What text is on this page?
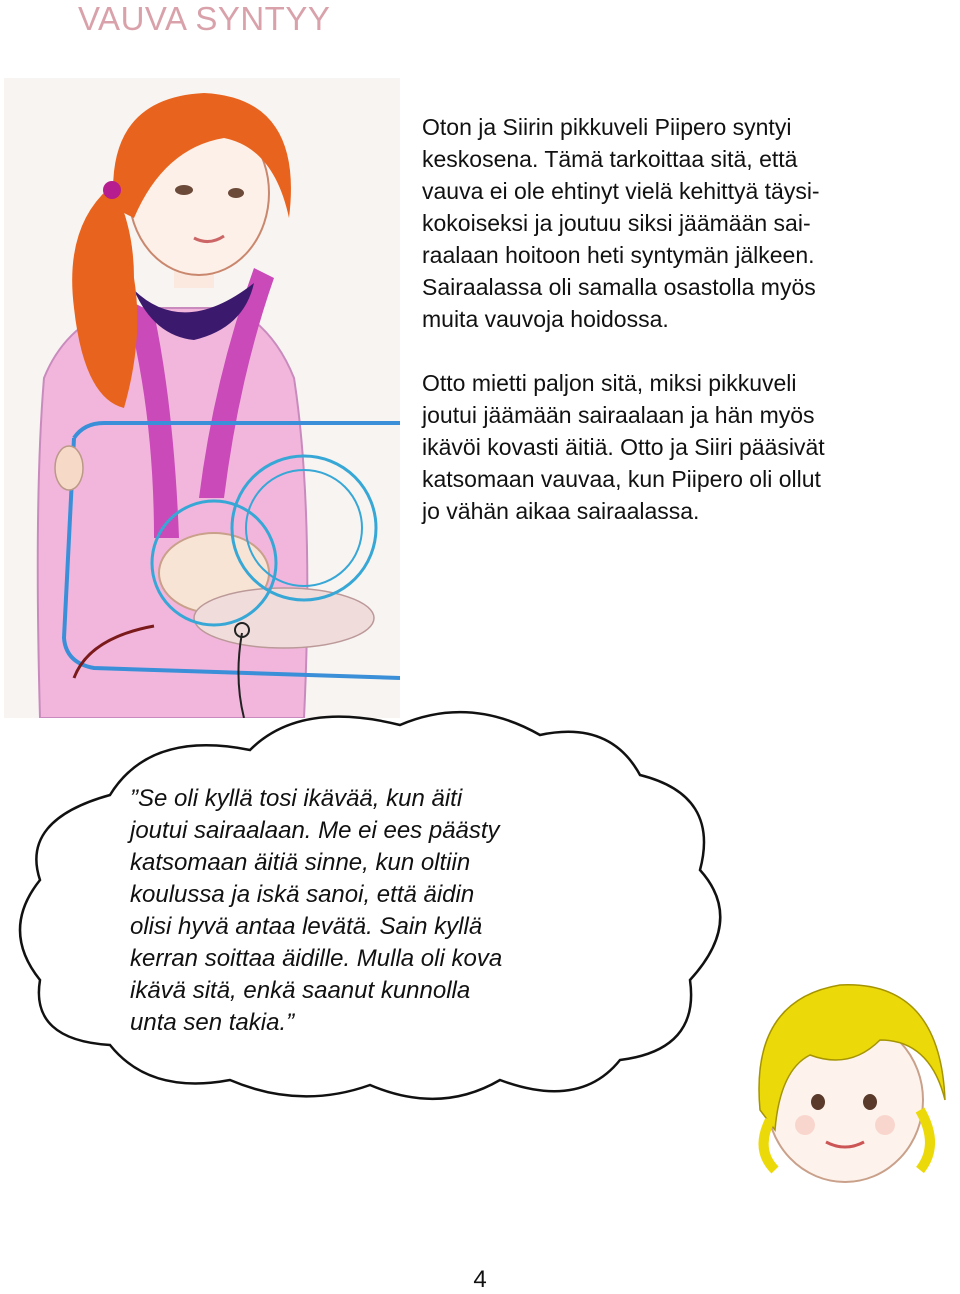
VAUVA SYNTYY
Oton ja Siirin pikkuveli Piipero syntyi
keskosena. Tämä tarkoittaa sitä, että
vauva ei ole ehtinyt vielä kehittyä täysi-
kokoiseksi ja joutuu siksi jäämään sai-
raalaan hoitoon heti syntymän jälkeen.
Sairaalassa oli samalla osastolla myös
muita vauvoja hoidossa.
Otto mietti paljon sitä, miksi pikkuveli
joutui jäämään sairaalaan ja hän myös
ikävöi kovasti äitiä. Otto ja Siiri pääsivät
katsomaan vauvaa, kun Piipero oli ollut
jo vähän aikaa sairaalassa.
”Se oli kyllä tosi ikävää, kun äiti
joutui sairaalaan. Me ei ees päästy
katsomaan äitiä sinne, kun oltiin
koulussa ja iskä sanoi, että äidin
olisi hyvä antaa levätä. Sain kyllä
kerran soittaa äidille. Mulla oli kova
ikävä sitä, enkä saanut kunnolla
unta sen takia.”
4
